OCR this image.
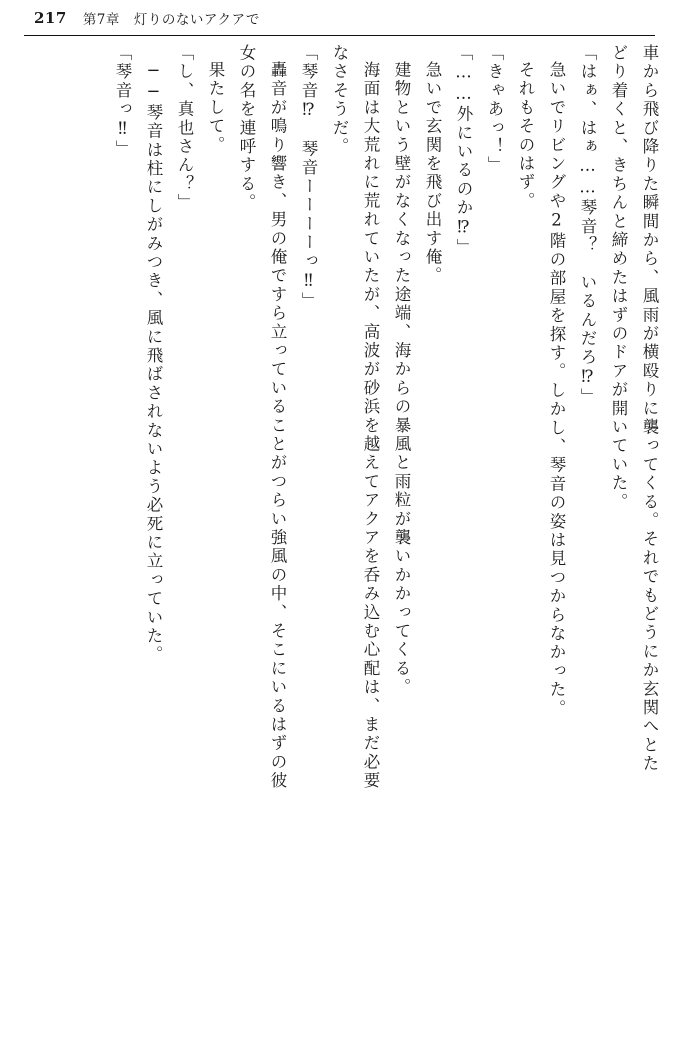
217 第7章　灯りのないアクアで
車から飛び降りた瞬間から、風雨が横殴りに襲ってくる。それでもどうにか玄関へとた
どり着くと、きちんと締めたはずのドアが開いていた。
「はぁ、はぁ……琴音？　いるんだろ⁉」
急いでリビングや2階の部屋を探す。しかし、琴音の姿は見つからなかった。
それもそのはず。
「きゃあっ！」
「……外にいるのか⁉」
急いで玄関を飛び出す俺。
建物という壁がなくなった途端、海からの暴風と雨粒が襲いかかってくる。
海面は大荒れに荒れていたが、高波が砂浜を越えてアクアを呑み込む心配は、まだ必要
なさそうだ。
「琴音⁉　琴音ーーーーっ‼」
轟音が鳴り響き、男の俺ですら立っていることがつらい強風の中、そこにいるはずの彼
女の名を連呼する。
果たして。
「し、真也さん？」
──琴音は柱にしがみつき、風に飛ばされないよう必死に立っていた。
「琴音っ‼」
